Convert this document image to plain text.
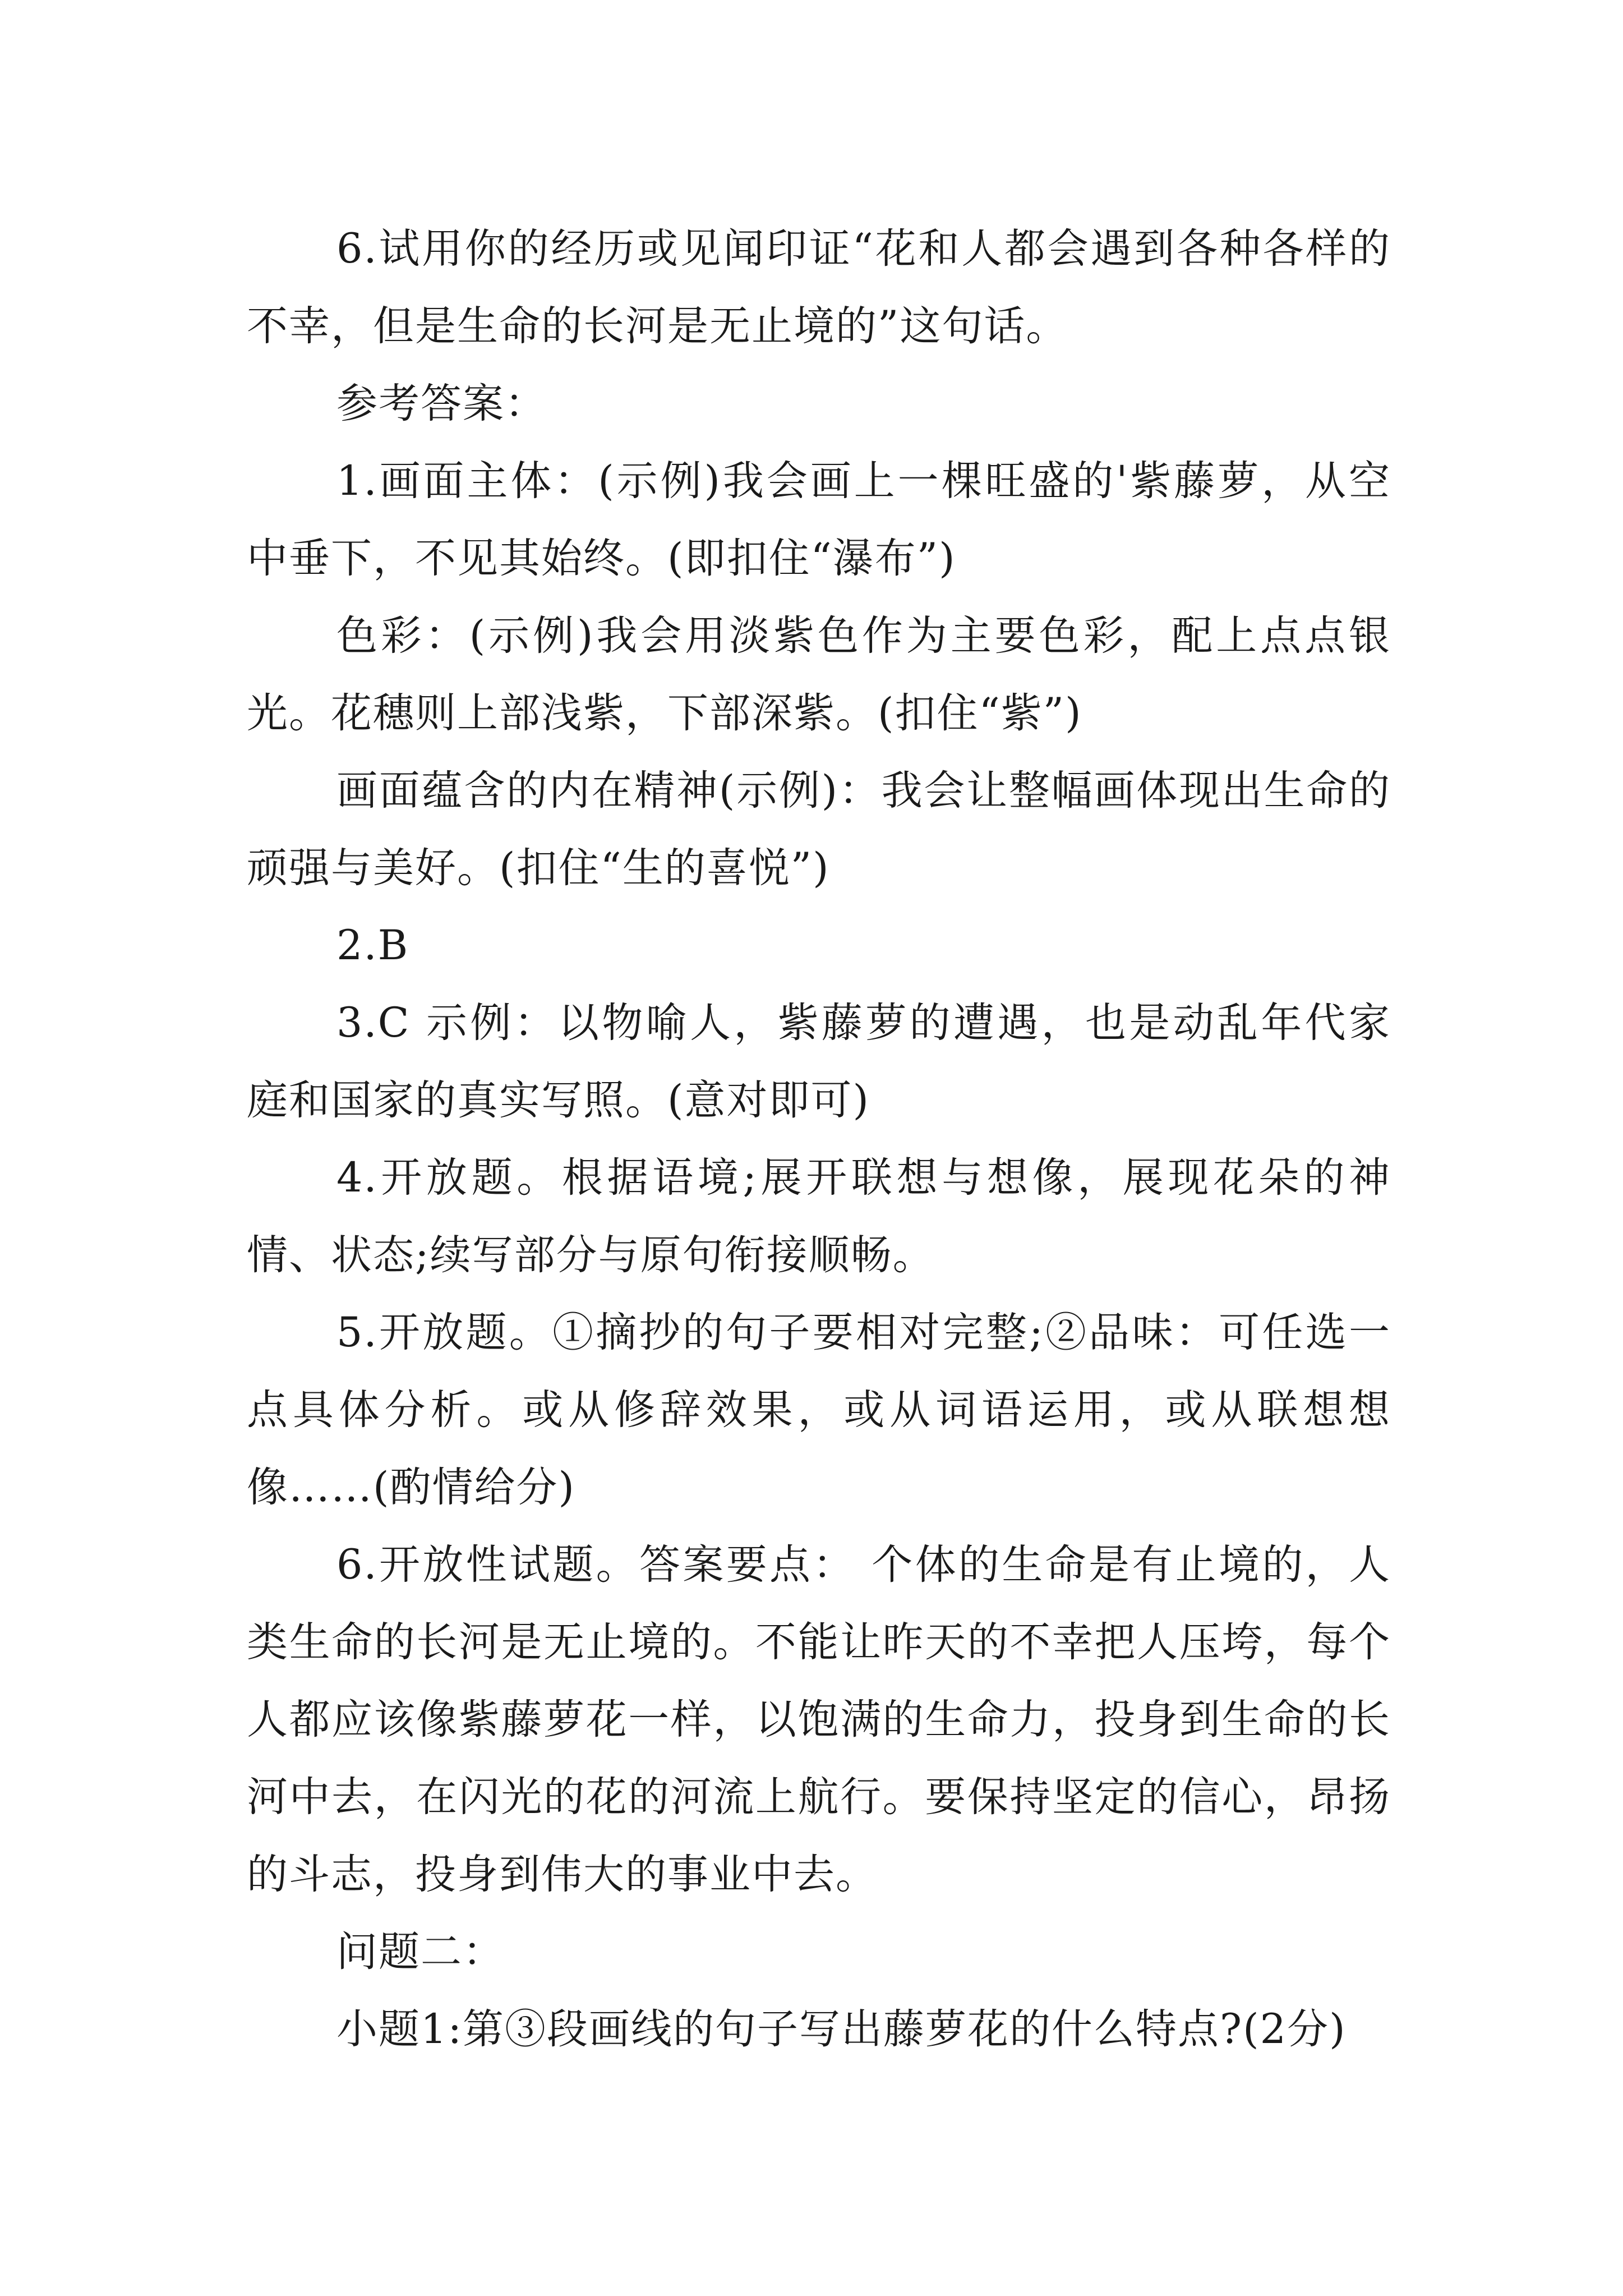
6.试用你的经历或见闻印证“花和人都会遇到各种各样的不幸，但是生命的长河是无止境的”这句话。

参考答案：

1.画面主体：(示例)我会画上一棵旺盛的'紫藤萝，从空中垂下，不见其始终。(即扣住“瀑布”)

色彩：(示例)我会用淡紫色作为主要色彩，配上点点银光。花穗则上部浅紫，下部深紫。(扣住“紫”)

画面蕴含的内在精神(示例)：我会让整幅画体现出生命的顽强与美好。(扣住“生的喜悦”)

2.B

3.C 示例：以物喻人，紫藤萝的遭遇，也是动乱年代家庭和国家的真实写照。(意对即可)

4.开放题。根据语境;展开联想与想像，展现花朵的神情、状态;续写部分与原句衔接顺畅。

5.开放题。①摘抄的句子要相对完整;②品味：可任选一点具体分析。或从修辞效果，或从词语运用，或从联想想像……(酌情给分)

6.开放性试题。答案要点： 个体的生命是有止境的，人类生命的长河是无止境的。不能让昨天的不幸把人压垮，每个人都应该像紫藤萝花一样，以饱满的生命力，投身到生命的长河中去，在闪光的花的河流上航行。要保持坚定的信心，昂扬的斗志，投身到伟大的事业中去。

问题二：

小题1:第③段画线的句子写出藤萝花的什么特点?(2分)
